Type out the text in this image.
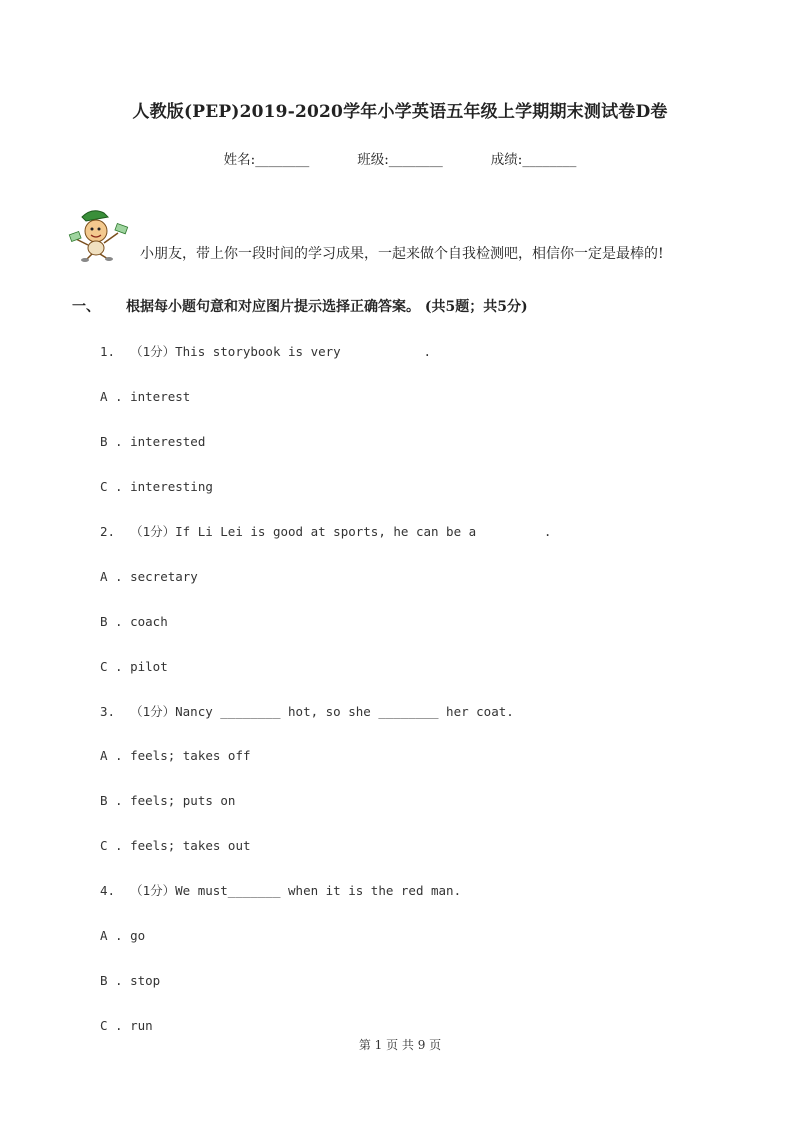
人教版(PEP)2019-2020学年小学英语五年级上学期期末测试卷D卷
姓名:________	班级:________	成绩:________
小朋友，带上你一段时间的学习成果，一起来做个自我检测吧，相信你一定是最棒的!
一、 根据每小题句意和对应图片提示选择正确答案。 (共5题；共5分)
1.  （1分）This storybook is very           .
A . interest
B . interested
C . interesting
2.  （1分）If Li Lei is good at sports, he can be a         .
A . secretary
B . coach
C . pilot
3.  （1分）Nancy ________ hot, so she ________ her coat.
A . feels; takes off
B . feels; puts on
C . feels; takes out
4.  （1分）We must_______ when it is the red man.
A . go
B . stop
C . run
第 1 页 共 9 页
